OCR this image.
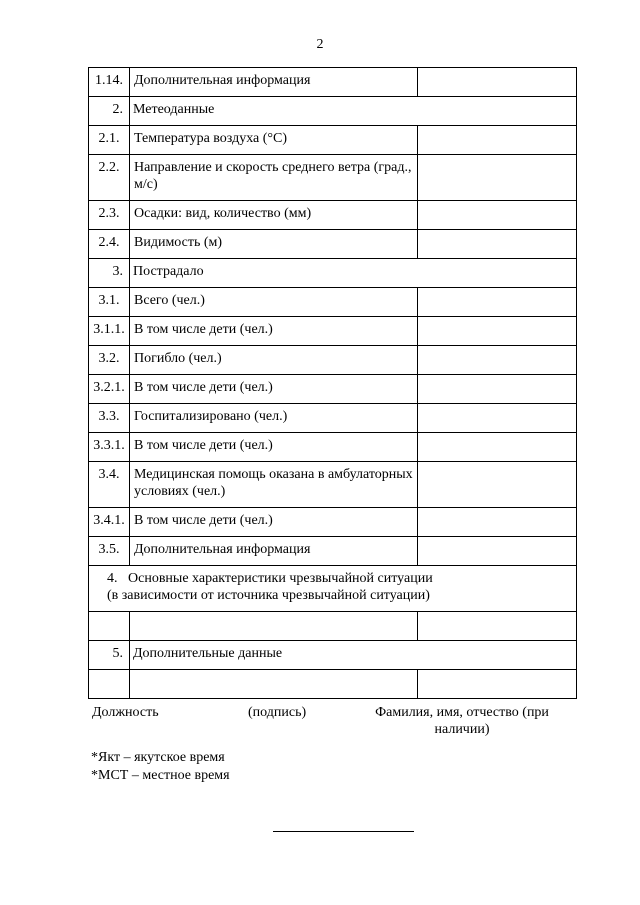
2
1.14.	Дополнительная информация	
2.	Метеоданные	
2.1.	Температура воздуха (°С)	
2.2.	Направление и скорость среднего ветра (град., м/с)	
2.3.	Осадки: вид, количество (мм)	
2.4.	Видимость (м)	
3.	Пострадало	
3.1.	Всего (чел.)	
3.1.1.	В том числе дети (чел.)	
3.2.	Погибло (чел.)	
3.2.1.	В том числе дети (чел.)	
3.3.	Госпитализировано (чел.)	
3.3.1.	В том числе дети (чел.)	
3.4.	Медицинская помощь оказана в амбулаторных условиях (чел.)	
3.4.1.	В том числе дети (чел.)	
3.5.	Дополнительная информация	
4. Основные характеристики чрезвычайной ситуации
(в зависимости от источника чрезвычайной ситуации)		

5.	Дополнительные данные	

Должность	(подпись)	Фамилия, имя, отчество (при наличии)
*Якт – якутское время
*МСТ – местное время
